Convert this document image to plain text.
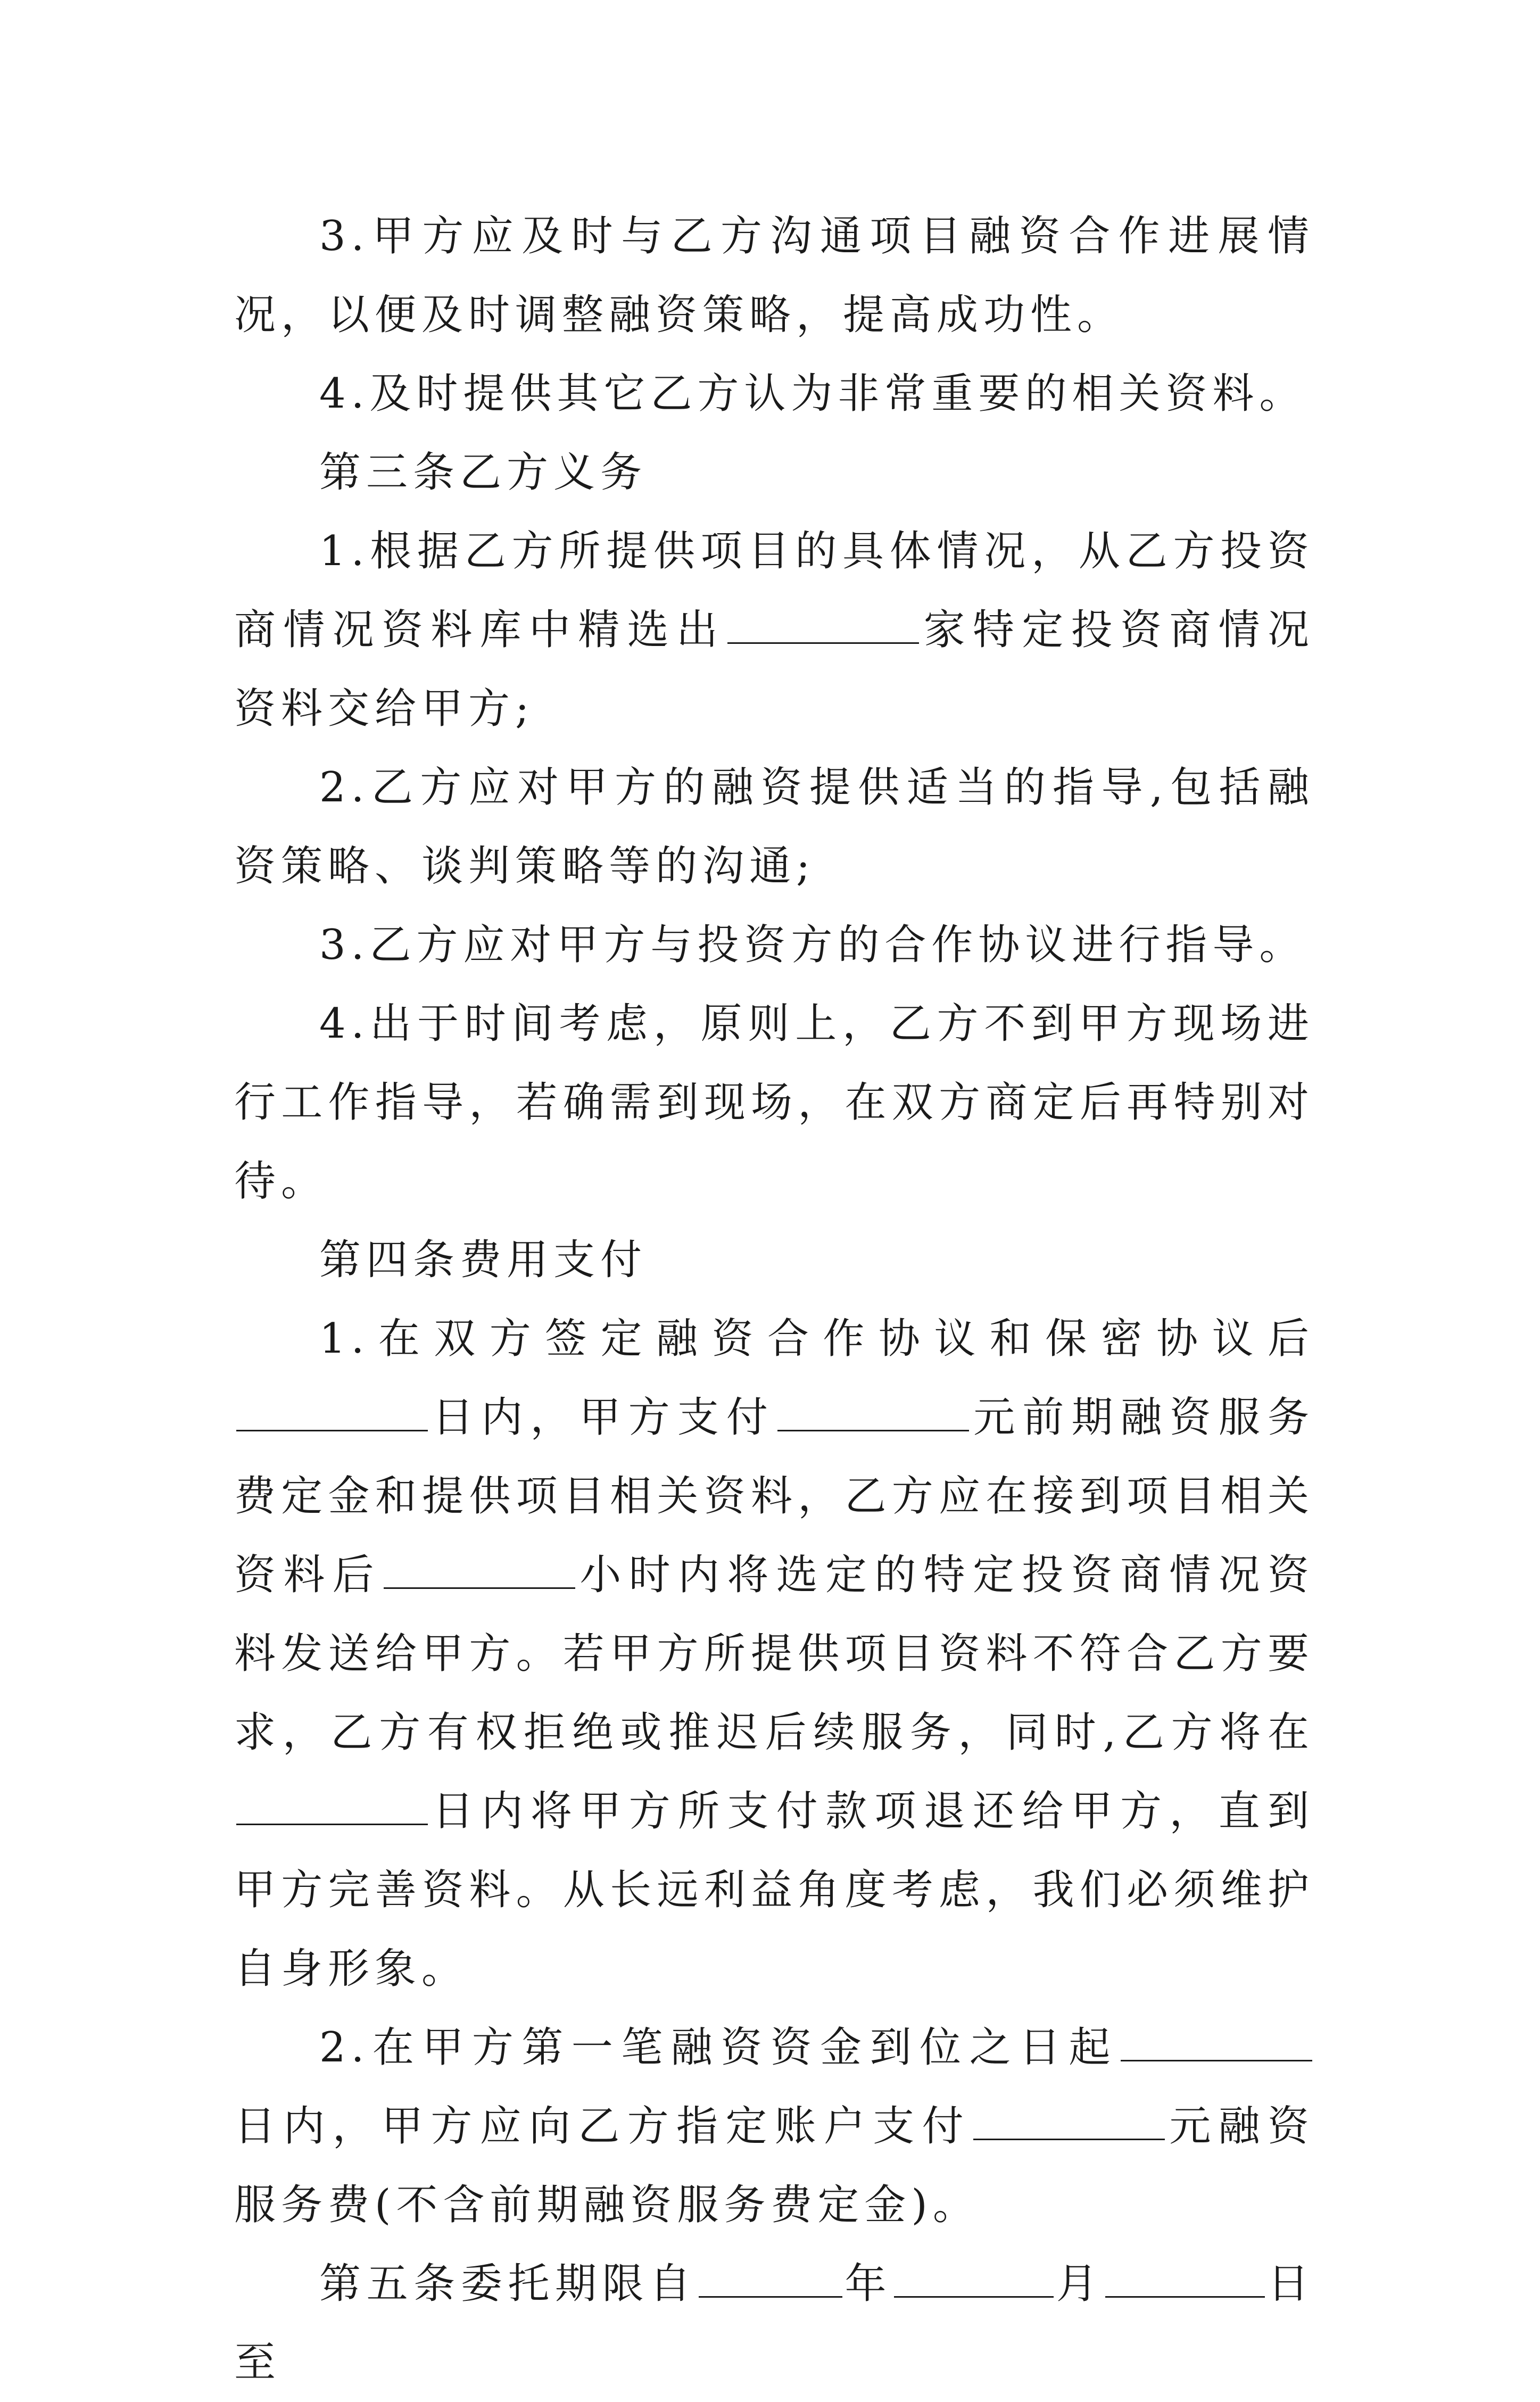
3.甲方应及时与乙方沟通项目融资合作进展情况，以便及时调整融资策略，提高成功性。

4.及时提供其它乙方认为非常重要的相关资料。

第三条乙方义务

1.根据乙方所提供项目的具体情况，从乙方投资商情况资料库中精选出	家特定投资商情况资料交给甲方;

2.乙方应对甲方的融资提供适当的指导,包括融资策略、谈判策略等的沟通;

3.乙方应对甲方与投资方的合作协议进行指导。

4.出于时间考虑，原则上，乙方不到甲方现场进行工作指导，若确需到现场，在双方商定后再特别对待。

第四条费用支付

1.在双方签定融资合作协议和保密协议后日内，甲方支付	元前期融资服务费定金和提供项目相关资料，乙方应在接到项目相关资料后	小时内将选定的特定投资商情况资料发送给甲方。若甲方所提供项目资料不符合乙方要求，乙方有权拒绝或推迟后续服务，同时,乙方将在日内将甲方所支付款项退还给甲方，直到甲方完善资料。从长远利益角度考虑，我们必须维护自身形象。

2.在甲方第一笔融资资金到位之日起日内，甲方应向乙方指定账户支付	元融资服务费(不含前期融资服务费定金)。

第五条委托期限自	年	月	日至
